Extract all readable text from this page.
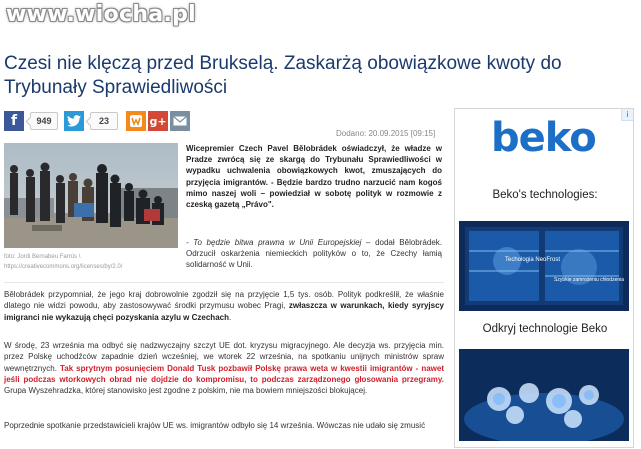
www.wiocha.pl
Czesi nie klęczą przed Brukselą. Zaskarżą obowiązkowe kwoty do Trybunały Sprawiedliwości
f	949	23	g+
Dodano: 20.09.2015 [09:15]
foto: Jordi Bernabeu Farrús \ https://creativecommons.org/licenses/by/2.0/

Wicepremier Czech Pavel Bělobrádek oświadczył, że władze w Pradze zwrócą się ze skargą do Trybunału Sprawiedliwości w wypadku uchwalenia obowiązkowych kwot, zmuszających do przyjęcia imigrantów. - Będzie bardzo trudno narzucić nam kogoś mimo naszej woli – powiedział w sobotę polityk w rozmowie z czeską gazetą „Právo".

- To będzie bitwa prawna w Unii Europejskiej – dodał Bělobrádek. Odrzucił oskarżenia niemieckich polityków o to, że Czechy łamią solidarność w Unii.

Bělobrádek przypomniał, że jego kraj dobrowolnie zgodził się na przyjęcie 1,5 tys. osób. Polityk podkreślił, że właśnie dlatego nie widzi powodu, aby zastosowywać środki przymusu wobec Pragi, zwłaszcza w warunkach, kiedy syryjscy imigranci nie wykazują chęci pozyskania azylu w Czechach.

W środę, 23 września ma odbyć się nadzwyczajny szczyt UE dot. kryzysu migracyjnego. Ale decyzja ws. przyjęcia min. przez Polskę uchodźców zapadnie dzień wcześniej, we wtorek 22 września, na spotkaniu unijnych ministrów spraw wewnętrznych. Tak sprytnym posunięciem Donald Tusk pozbawił Polskę prawa weta w kwestii imigrantów - nawet jeśli podczas wtorkowych obrad nie dojdzie do kompromisu, to podczas zarządzonego głosowania przegramy. Grupa Wyszehradzka, której stanowisko jest zgodne z polskim, nie ma bowiem mniejszości blokującej.

Poprzednie spotkanie przedstawicieli krajów UE ws. imigrantów odbyło się 14 września. Wówczas nie udało się zmusić

i
beko
Beko's technologies:
Techologia NeoFrost
Szybkie zamrożeniu chłodzenia
Odkryj technologie Beko
